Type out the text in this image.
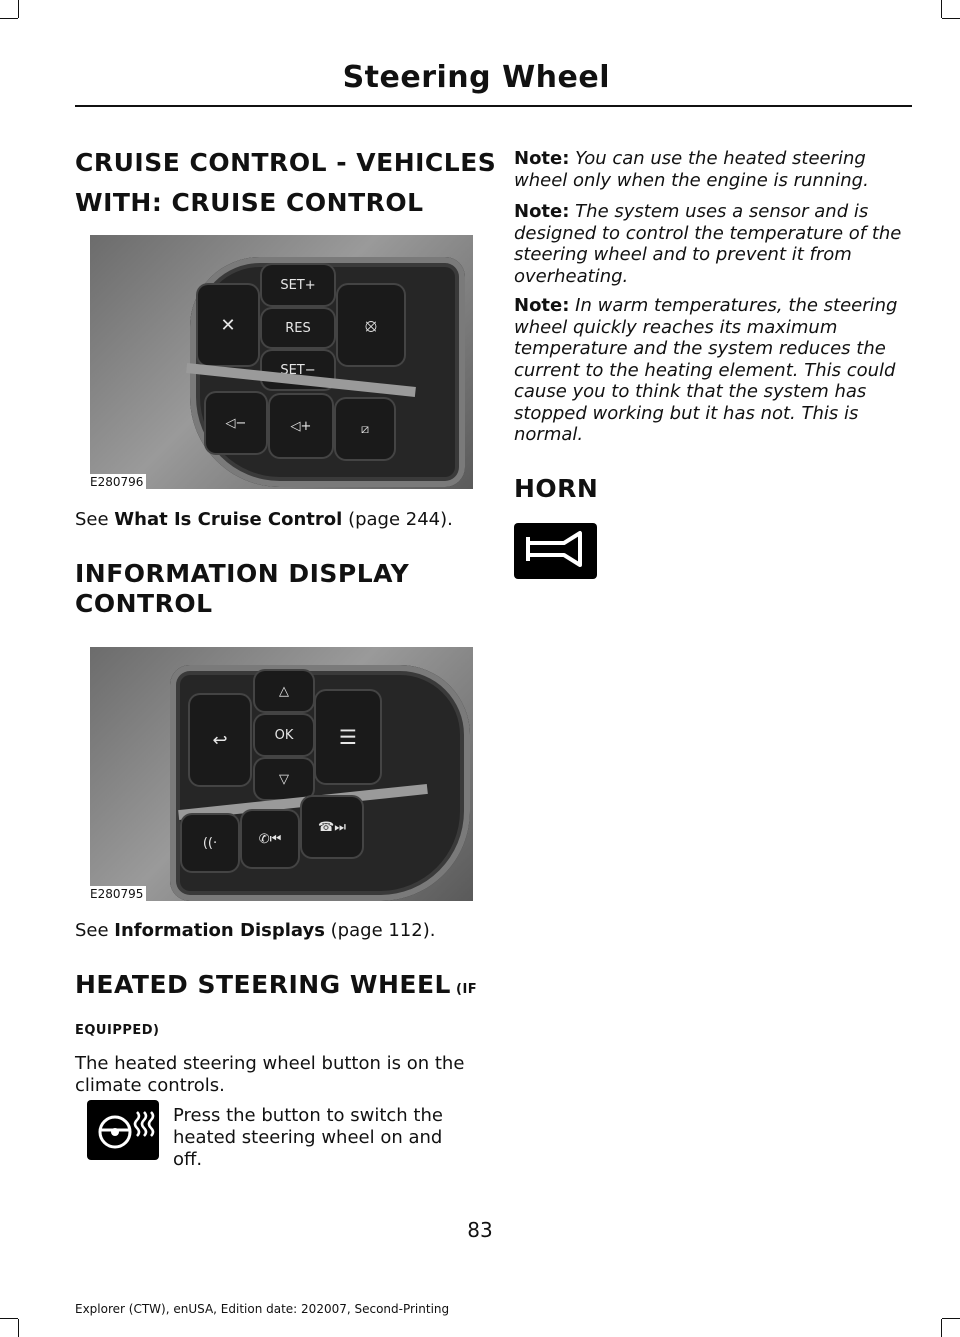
Steering Wheel
CRUISE CONTROL - VEHICLES
WITH: CRUISE CONTROL
SET+
RES
SET−
✕	⦻
◁−	◁+	⧄
E280796
See What Is Cruise Control (page 244).
INFORMATION DISPLAY
CONTROL
△
OK
▽
↩	☰
((·	✆⏮
☎⏭
E280795
See Information Displays (page 112).
HEATED STEERING WHEEL (IF
EQUIPPED)
The heated steering wheel button is on the climate controls.
Press the button to switch the heated steering wheel on and off.
Note: You can use the heated steering wheel only when the engine is running.
Note: The system uses a sensor and is designed to control the temperature of the steering wheel and to prevent it from overheating.
Note: In warm temperatures, the steering wheel quickly reaches its maximum temperature and the system reduces the current to the heating element. This could cause you to think that the system has stopped working but it has not. This is normal.
HORN
83
Explorer (CTW), enUSA, Edition date: 202007, Second-Printing
